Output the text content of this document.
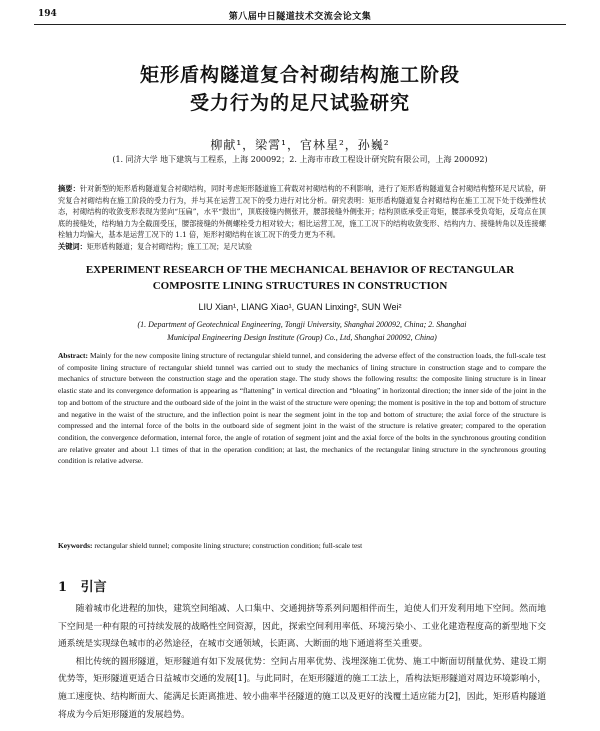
194	第八届中日隧道技术交流会论文集
矩形盾构隧道复合衬砌结构施工阶段
受力行为的足尺试验研究
柳献¹，梁霄¹，官林星²，孙巍²
(1. 同济大学 地下建筑与工程系，上海 200092；2. 上海市市政工程设计研究院有限公司，上海 200092)
摘要：针对新型的矩形盾构隧道复合衬砌结构，同时考虑矩形隧道施工荷载对衬砌结构的不利影响，进行了矩形盾构隧道复合衬砌结构整环足尺试验，研究复合衬砌结构在施工阶段的受力行为，并与其在运营工况下的受力进行对比分析。研究表明：矩形盾构隧道复合衬砌结构在施工工况下处于线弹性状态，衬砌结构的收敛变形表现为竖向“压扁”，水平“鼓出”，顶底接缝内侧张开，腰部接缝外侧张开；结构顶底承受正弯矩，腰部承受负弯矩，反弯点在顶底的接缝处，结构轴力为全截面受压，腰部接缝的外侧螺栓受力相对较大；相比运营工况，施工工况下的结构收敛变形、结构内力、接缝转角以及连接螺栓轴力均偏大，基本是运营工况下的 1.1 倍，矩形衬砌结构在该工况下的受力更为不利。
关键词：矩形盾构隧道；复合衬砌结构；施工工况；足尺试验
EXPERIMENT RESEARCH OF THE MECHANICAL BEHAVIOR OF RECTANGULAR
COMPOSITE LINING STRUCTURES IN CONSTRUCTION
LIU Xian¹, LIANG Xiao¹, GUAN Linxing², SUN Wei²
(1. Department of Geotechnical Engineering, Tongji University, Shanghai 200092, China; 2. Shanghai
Municipal Engineering Design Institute (Group) Co., Ltd, Shanghai 200092, China)
Abstract: Mainly for the new composite lining structure of rectangular shield tunnel, and considering the adverse effect of the construction loads, the full-scale test of composite lining structure of rectangular shield tunnel was carried out to study the mechanics of lining structure in construction stage and to compare the mechanics of structure between the construction stage and the operation stage. The study shows the following results: the composite lining structure is in linear elastic state and its convergence deformation is appearing as “flattening” in vertical direction and “bloating” in horizontal direction; the inner side of the joint in the top and bottom of the structure and the outboard side of the joint in the waist of the structure were opening; the moment is positive in the top and bottom of structure and negative in the waist of the structure, and the inflection point is near the segment joint in the top and bottom of structure; the axial force of the structure is compressed and the internal force of the bolts in the outboard side of segment joint in the waist of the structure is relative greater; compared to the operation condition, the convergence deformation, internal force, the angle of rotation of segment joint and the axial force of the bolts in the synchronous grouting condition are relative greater and about 1.1 times of that in the operation condition; at last, the mechanics of the rectangular lining structure in the synchronous grouting condition is relative adverse.
Keywords: rectangular shield tunnel; composite lining structure; construction condition; full-scale test
1 引言

随着城市化进程的加快，建筑空间缩减、人口集中、交通拥挤等系列问题相伴而生，迫使人们开发利用地下空间。然而地下空间是一种有限的可持续发展的战略性空间资源，因此，探索空间利用率低、环境污染小、工业化建造程度高的新型地下交通系统是实现绿色城市的必然途径，在城市交通领域，长距离、大断面的地下通道将至关重要。

相比传统的圆形隧道，矩形隧道有如下发展优势：空间占用率优势、浅埋深施工优势、施工中断面切削量优势、建设工期优势等，矩形隧道更适合日益城市交通的发展[1]。与此同时，在矩形隧道的施工工法上，盾构法矩形隧道对周边环境影响小，施工速度快、结构断面大、能满足长距离推进、较小曲率半径隧道的施工以及更好的浅覆土适应能力[2]，因此，矩形盾构隧道将成为今后矩形隧道的发展趋势。
